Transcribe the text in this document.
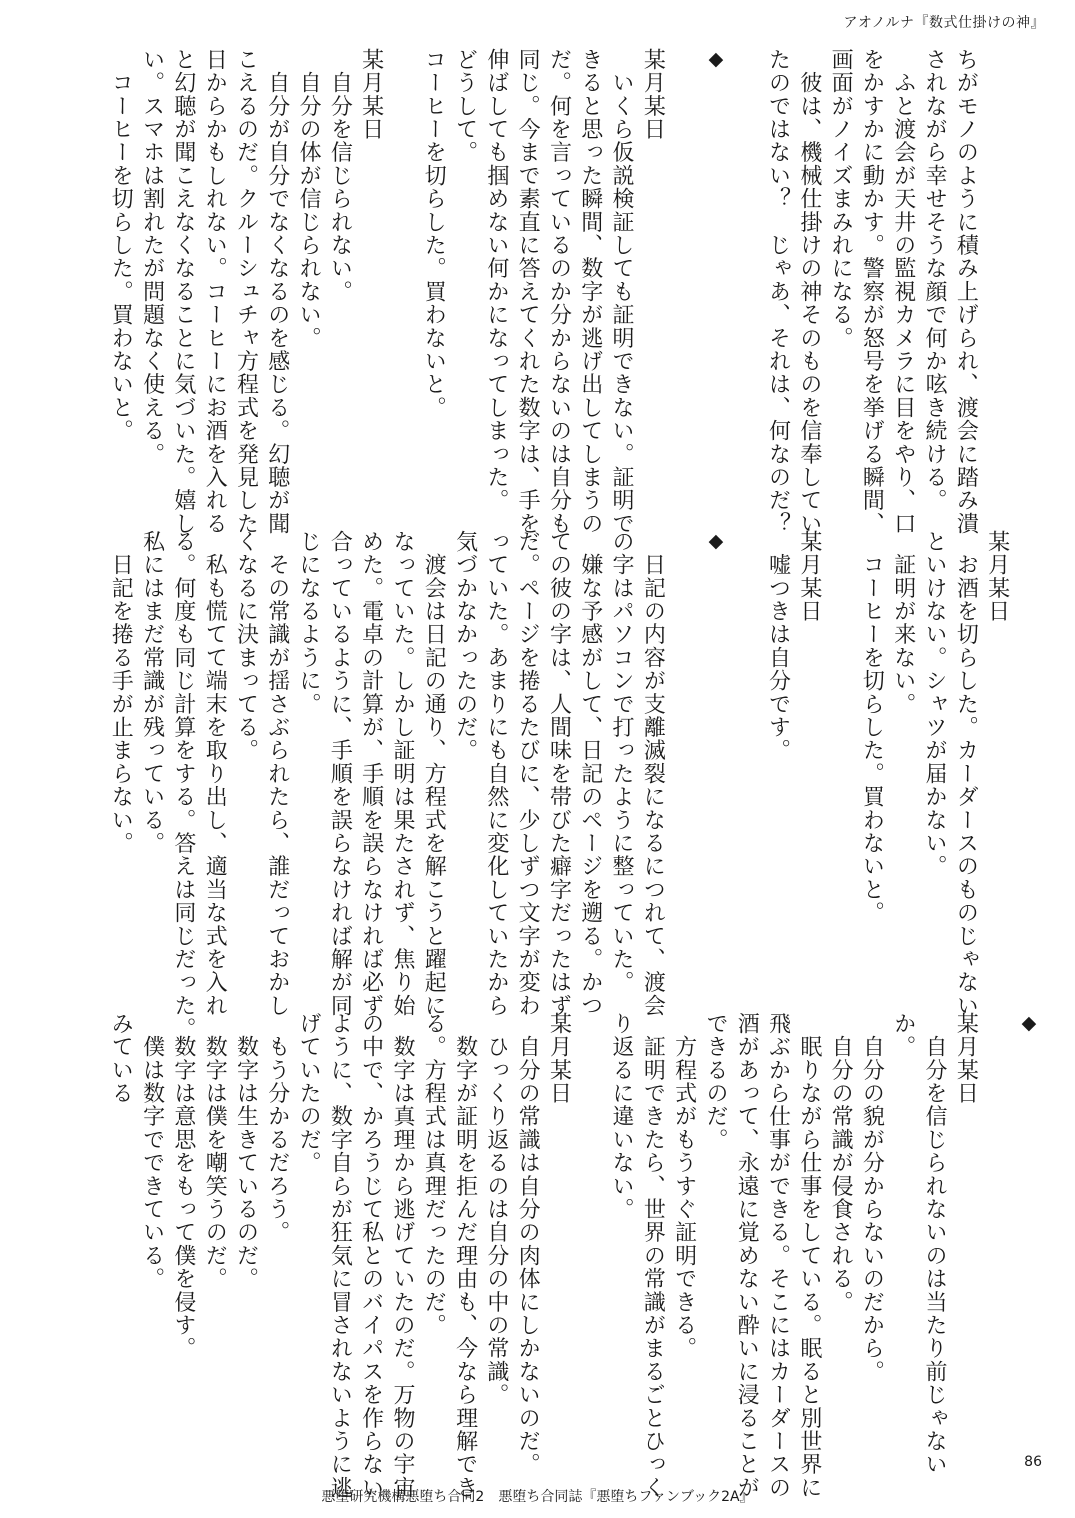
アオノルナ『数式仕掛けの神』
ちがモノのように積み上げられ、渡会に踏み潰
されながら幸せそうな顔で何か呟き続ける。
　ふと渡会が天井の監視カメラに目をやり、口
をかすかに動かす。警察が怒号を挙げる瞬間、
画面がノイズまみれになる。
　彼は、機械仕掛けの神そのものを信奉してい
たのではない？　じゃあ、それは、何なのだ？

◆

某月某日
　いくら仮説検証しても証明できない。証明で
きると思った瞬間、数字が逃げ出してしまうの
だ。何を言っているのか分からないのは自分も
同じ。今まで素直に答えてくれた数字は、手を
伸ばしても掴めない何かになってしまった。
どうして。
コーヒーを切らした。買わないと。

某月某日
　自分を信じられない。
　自分の体が信じられない。
　自分が自分でなくなるのを感じる。幻聴が聞
こえるのだ。クルーシュチャ方程式を発見した
日からかもしれない。コーヒーにお酒を入れる
と幻聴が聞こえなくなることに気づいた。嬉し
い。スマホは割れたが問題なく使える。
　コーヒーを切らした。買わないと。
某月某日
　お酒を切らした。カーダースのものじゃない
といけない。シャツが届かない。
　証明が来ない。
　コーヒーを切らした。買わないと。

某月某日
　嘘つきは自分です。

◆

　日記の内容が支離滅裂になるにつれて、渡会
の字はパソコンで打ったように整っていた。
　嫌な予感がして、日記のページを遡る。かつ
ての彼の字は、人間味を帯びた癖字だったはず
だ。ページを捲るたびに、少しずつ文字が変わ
っていた。あまりにも自然に変化していたから
気づかなかったのだ。
　渡会は日記の通り、方程式を解こうと躍起に
なっていた。しかし証明は果たされず、焦り始
めた。電卓の計算が、手順を誤らなければ必ず
合っているように、手順を誤らなければ解が同
じになるように。
　その常識が揺さぶられたら、誰だっておかし
くなるに決まってる。
　私も慌てて端末を取り出し、適当な式を入れ
る。何度も同じ計算をする。答えは同じだった。
私にはまだ常識が残っている。
　日記を捲る手が止まらない。
◆

某月某日
　自分を信じられないのは当たり前じゃない
か。
　自分の貌が分からないのだから。
　自分の常識が侵食される。
　眠りながら仕事をしている。眠ると別世界に
飛ぶから仕事ができる。そこにはカーダースの
酒があって、永遠に覚めない酔いに浸ることが
できるのだ。
　方程式がもうすぐ証明できる。
　証明できたら、世界の常識がまるごとひっく
り返るに違いない。

某月某日
　自分の常識は自分の肉体にしかないのだ。
　ひっくり返るのは自分の中の常識。
　数字が証明を拒んだ理由も、今なら理解でき
る。方程式は真理だったのだ。
　数字は真理から逃げていたのだ。万物の宇宙
の中で、かろうじて私とのバイパスを作らない
ように、数字自らが狂気に冒されないように逃
げていたのだ。
　もう分かるだろう。
　数字は生きているのだ。
　数字は僕を嘲笑うのだ。
　数字は意思をもって僕を侵す。
　僕は数字でできている。
みている
悪堕研究機構悪堕ち合同2　悪堕ち合同誌『悪堕ちファンブック2A』
86
